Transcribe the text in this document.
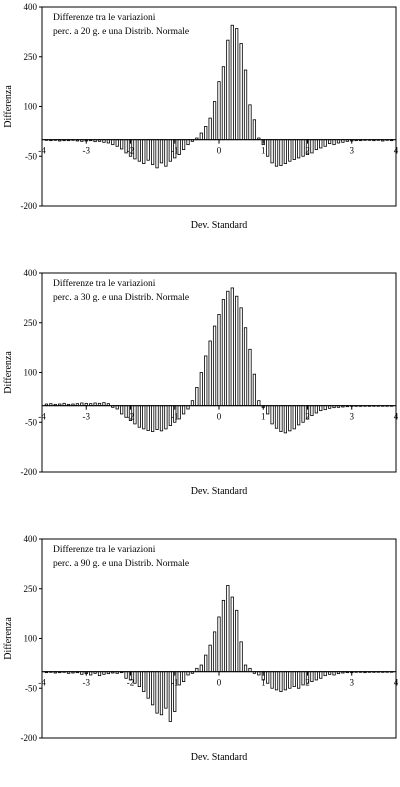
-200
-50
100
250
400
-4	-3	-2	-1	0	1	2	3	4
Differenze tra le variazioni
perc. a 20 g. e una Distrib. Normale
Dev. Standard
Differenza
-200
-50
100
250
400
-4	-3	-2	-1	0	1	2	3	4
Differenze tra le variazioni
perc. a 30 g. e una Distrib. Normale
Dev. Standard
Differenza
-200
-50
100
250
400
-4	-3	-2	-1	0	1	2	3	4
Differenze tra le variazioni
perc. a 90 g. e una Distrib. Normale
Dev. Standard
Differenza
